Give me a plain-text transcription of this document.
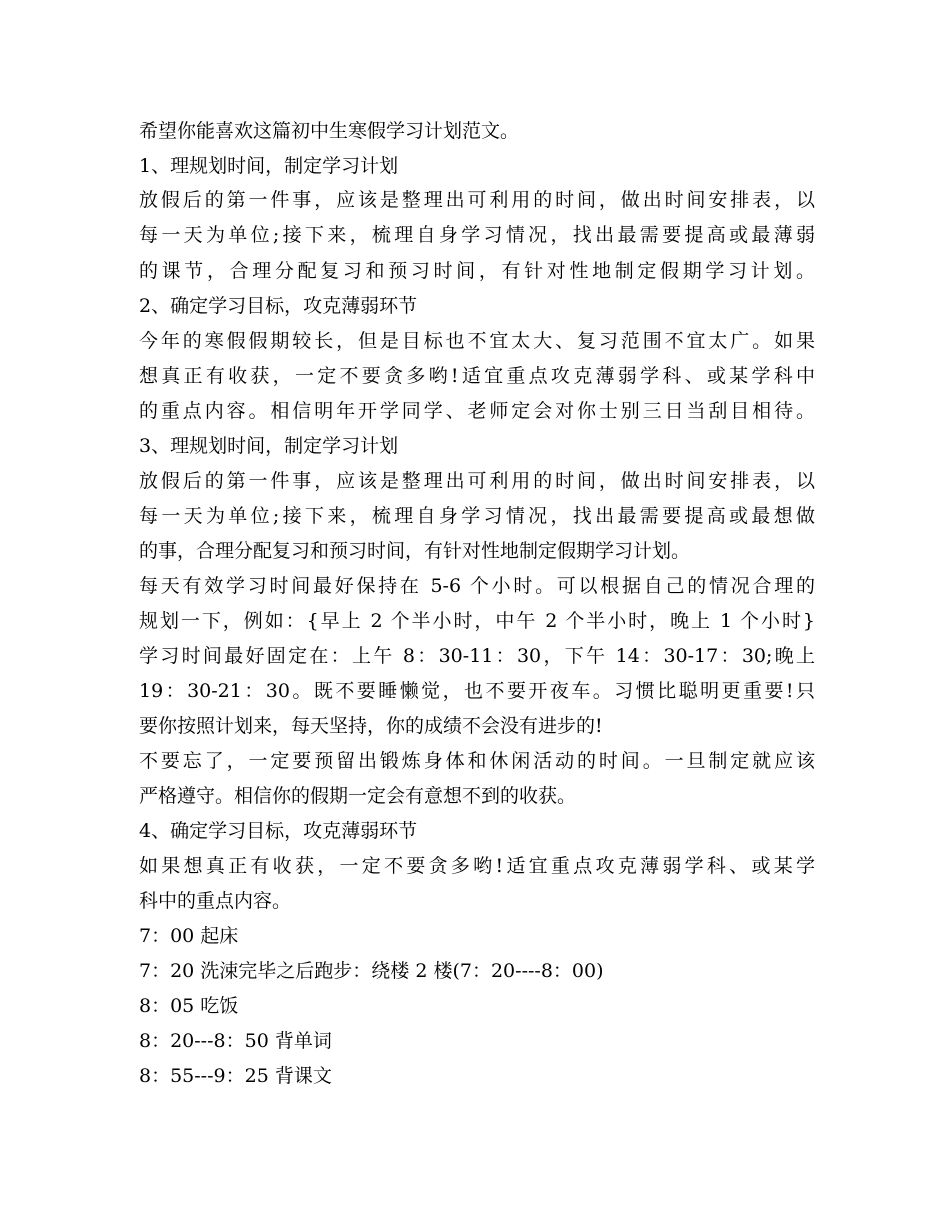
希望你能喜欢这篇初中生寒假学习计划范文。
1、理规划时间，制定学习计划
放假后的第一件事，应该是整理出可利用的时间，做出时间安排表，以
每一天为单位;接下来，梳理自身学习情况，找出最需要提高或最薄弱
的课节，合理分配复习和预习时间，有针对性地制定假期学习计划。
2、确定学习目标，攻克薄弱环节
今年的寒假假期较长，但是目标也不宜太大、复习范围不宜太广。如果
想真正有收获，一定不要贪多哟!适宜重点攻克薄弱学科、或某学科中
的重点内容。相信明年开学同学、老师定会对你士别三日当刮目相待。
3、理规划时间，制定学习计划
放假后的第一件事，应该是整理出可利用的时间，做出时间安排表，以
每一天为单位;接下来，梳理自身学习情况，找出最需要提高或最想做
的事，合理分配复习和预习时间，有针对性地制定假期学习计划。
每天有效学习时间最好保持在 5-6 个小时。可以根据自己的情况合理的
规划一下，例如：{早上 2 个半小时，中午 2 个半小时，晚上 1 个小时}
学习时间最好固定在：上午 8：30-11：30，下午 14：30-17：30;晚上
19：30-21：30。既不要睡懒觉，也不要开夜车。习惯比聪明更重要!只
要你按照计划来，每天坚持，你的成绩不会没有进步的!
不要忘了，一定要预留出锻炼身体和休闲活动的时间。一旦制定就应该
严格遵守。相信你的假期一定会有意想不到的收获。
4、确定学习目标，攻克薄弱环节
如果想真正有收获，一定不要贪多哟!适宜重点攻克薄弱学科、或某学
科中的重点内容。
7：00 起床
7：20 洗涑完毕之后跑步：绕楼 2 楼(7：20----8：00)
8：05 吃饭
8：20---8：50 背单词
8：55---9：25 背课文
